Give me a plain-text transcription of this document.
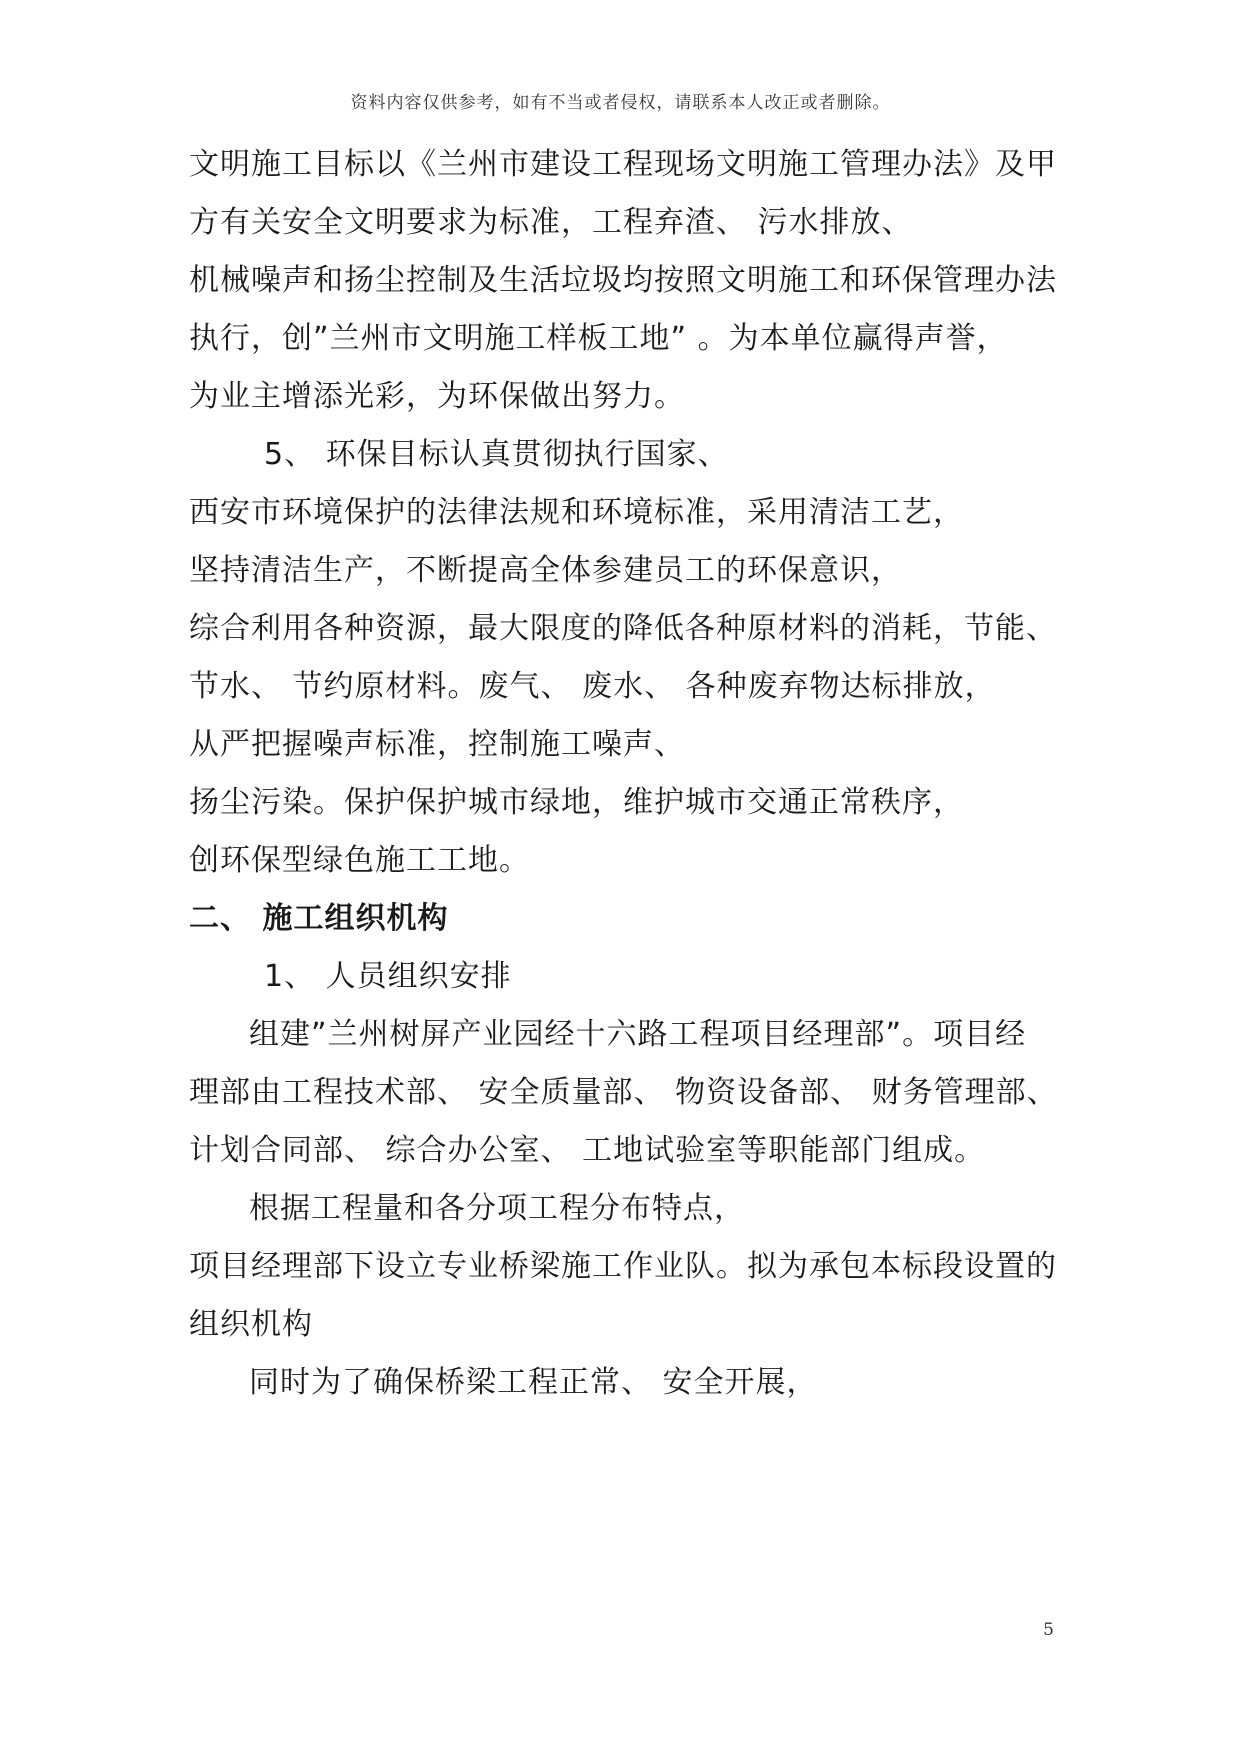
资料内容仅供参考，如有不当或者侵权，请联系本人改正或者删除。
文明施工目标以《兰州市建设工程现场文明施工管理办法》及甲
方有关安全文明要求为标准，工程弃渣、 污水排放、
机械噪声和扬尘控制及生活垃圾均按照文明施工和环保管理办法
执行，创”兰州市文明施工样板工地” 。为本单位赢得声誉，
为业主增添光彩，为环保做出努力。
5、 环保目标认真贯彻执行国家、
西安市环境保护的法律法规和环境标准，采用清洁工艺，
坚持清洁生产，不断提高全体参建员工的环保意识，
综合利用各种资源，最大限度的降低各种原材料的消耗，节能、
节水、 节约原材料。废气、 废水、 各种废弃物达标排放，
从严把握噪声标准，控制施工噪声、
扬尘污染。保护保护城市绿地，维护城市交通正常秩序，
创环保型绿色施工工地。
二、 施工组织机构
1、 人员组织安排
组建”兰州树屏产业园经十六路工程项目经理部”。项目经
理部由工程技术部、 安全质量部、 物资设备部、 财务管理部、
计划合同部、 综合办公室、 工地试验室等职能部门组成。
根据工程量和各分项工程分布特点，
项目经理部下设立专业桥梁施工作业队。拟为承包本标段设置的
组织机构
同时为了确保桥梁工程正常、 安全开展，
5
